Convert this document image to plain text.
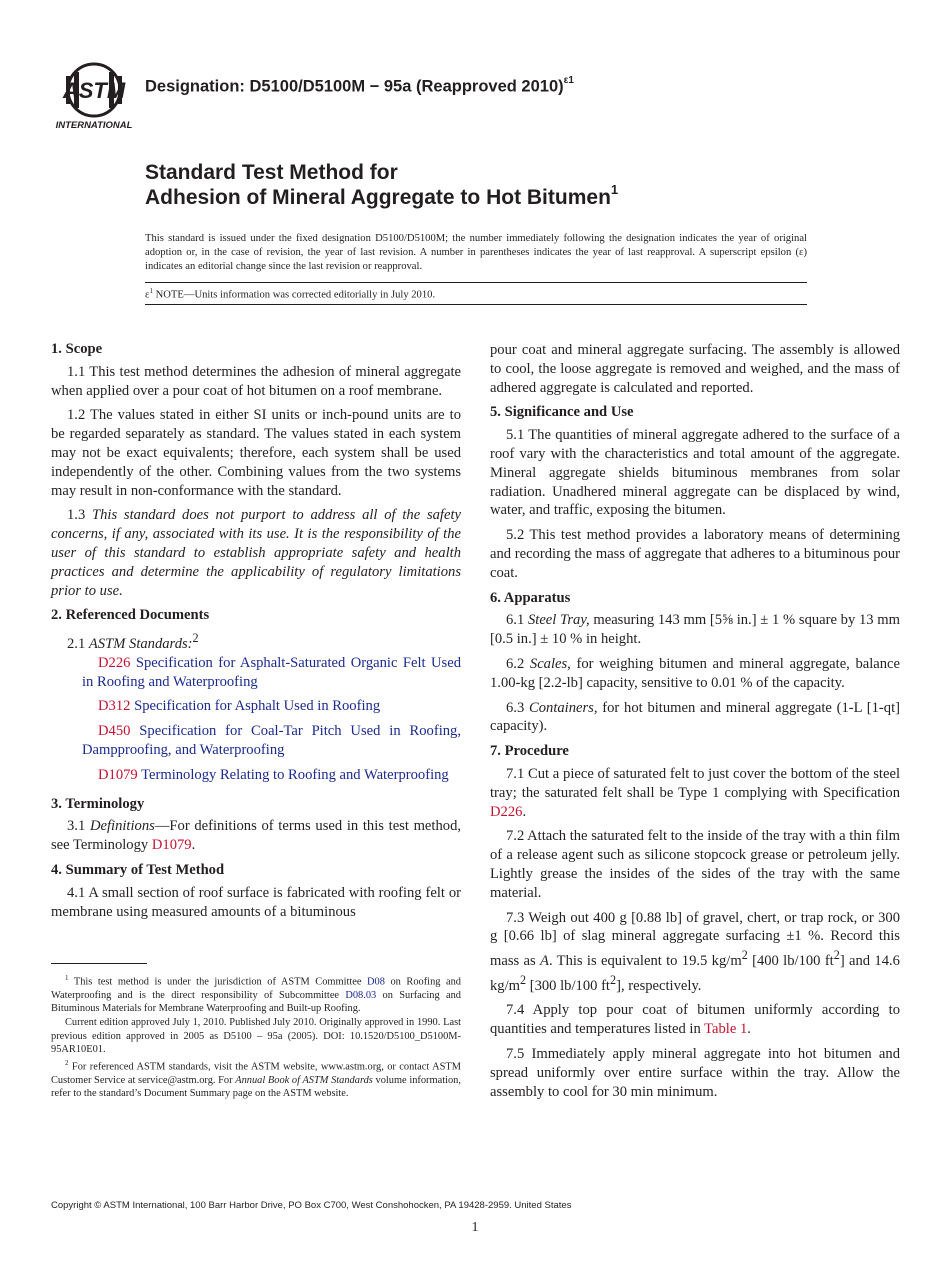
ASTM
INTERNATIONAL
Designation: D5100/D5100M − 95a (Reapproved 2010)$^{\varepsilon 1}$
Standard Test Method for
Adhesion of Mineral Aggregate to Hot Bitumen$^1$
This standard is issued under the fixed designation D5100/D5100M; the number immediately following the designation indicates the year of original adoption or, in the case of revision, the year of last revision. A number in parentheses indicates the year of last reapproval. A superscript epsilon (ε) indicates an editorial change since the last revision or reapproval.
$\varepsilon^1$ NOTE—Units information was corrected editorially in July 2010.
1. Scope

1.1 This test method determines the adhesion of mineral aggregate when applied over a pour coat of hot bitumen on a roof membrane.

1.2 The values stated in either SI units or inch-pound units are to be regarded separately as standard. The values stated in each system may not be exact equivalents; therefore, each system shall be used independently of the other. Combining values from the two systems may result in non-conformance with the standard.

1.3 This standard does not purport to address all of the safety concerns, if any, associated with its use. It is the responsibility of the user of this standard to establish appropriate safety and health practices and determine the applicability of regulatory limitations prior to use.

2. Referenced Documents

2.1 ASTM Standards:$^2$

D226 Specification for Asphalt-Saturated Organic Felt Used in Roofing and Waterproofing

D312 Specification for Asphalt Used in Roofing

D450 Specification for Coal-Tar Pitch Used in Roofing, Dampproofing, and Waterproofing

D1079 Terminology Relating to Roofing and Waterproofing

3. Terminology

3.1 Definitions—For definitions of terms used in this test method, see Terminology D1079.

4. Summary of Test Method

4.1 A small section of roof surface is fabricated with roofing felt or membrane using measured amounts of a bituminous

$^1$ This test method is under the jurisdiction of ASTM Committee D08 on Roofing and Waterproofing and is the direct responsibility of Subcommittee D08.03 on Surfacing and Bituminous Materials for Membrane Waterproofing and Built-up Roofing.

Current edition approved July 1, 2010. Published July 2010. Originally approved in 1990. Last previous edition approved in 2005 as D5100 – 95a (2005). DOI: 10.1520/D5100_D5100M-95AR10E01.

$^2$ For referenced ASTM standards, visit the ASTM website, www.astm.org, or contact ASTM Customer Service at service@astm.org. For Annual Book of ASTM Standards volume information, refer to the standard’s Document Summary page on the ASTM website.

pour coat and mineral aggregate surfacing. The assembly is allowed to cool, the loose aggregate is removed and weighed, and the mass of adhered aggregate is calculated and reported.

5. Significance and Use

5.1 The quantities of mineral aggregate adhered to the surface of a roof vary with the characteristics and total amount of the aggregate. Mineral aggregate shields bituminous membranes from solar radiation. Unadhered mineral aggregate can be displaced by wind, water, and traffic, exposing the bitumen.

5.2 This test method provides a laboratory means of determining and recording the mass of aggregate that adheres to a bituminous pour coat.

6. Apparatus

6.1 Steel Tray, measuring 143 mm [5⅝ in.] ± 1 % square by 13 mm [0.5 in.] ± 10 % in height.

6.2 Scales, for weighing bitumen and mineral aggregate, balance 1.00-kg [2.2-lb] capacity, sensitive to 0.01 % of the capacity.

6.3 Containers, for hot bitumen and mineral aggregate (1-L [1-qt] capacity).

7. Procedure

7.1 Cut a piece of saturated felt to just cover the bottom of the steel tray; the saturated felt shall be Type 1 complying with Specification D226.

7.2 Attach the saturated felt to the inside of the tray with a thin film of a release agent such as silicone stopcock grease or petroleum jelly. Lightly grease the insides of the sides of the tray with the same material.

7.3 Weigh out 400 g [0.88 lb] of gravel, chert, or trap rock, or 300 g [0.66 lb] of slag mineral aggregate surfacing ±1 %. Record this mass as A. This is equivalent to 19.5 $kg/m^2$ [400 lb/100 $ft^2$] and 14.6 $kg/m^2$ [300 lb/100 $ft^2$], respectively.

7.4 Apply top pour coat of bitumen uniformly according to quantities and temperatures listed in Table 1.

7.5 Immediately apply mineral aggregate into hot bitumen and spread uniformly over entire surface within the tray. Allow the assembly to cool for 30 min minimum.

Copyright © ASTM International, 100 Barr Harbor Drive, PO Box C700, West Conshohocken, PA 19428-2959. United States
1
